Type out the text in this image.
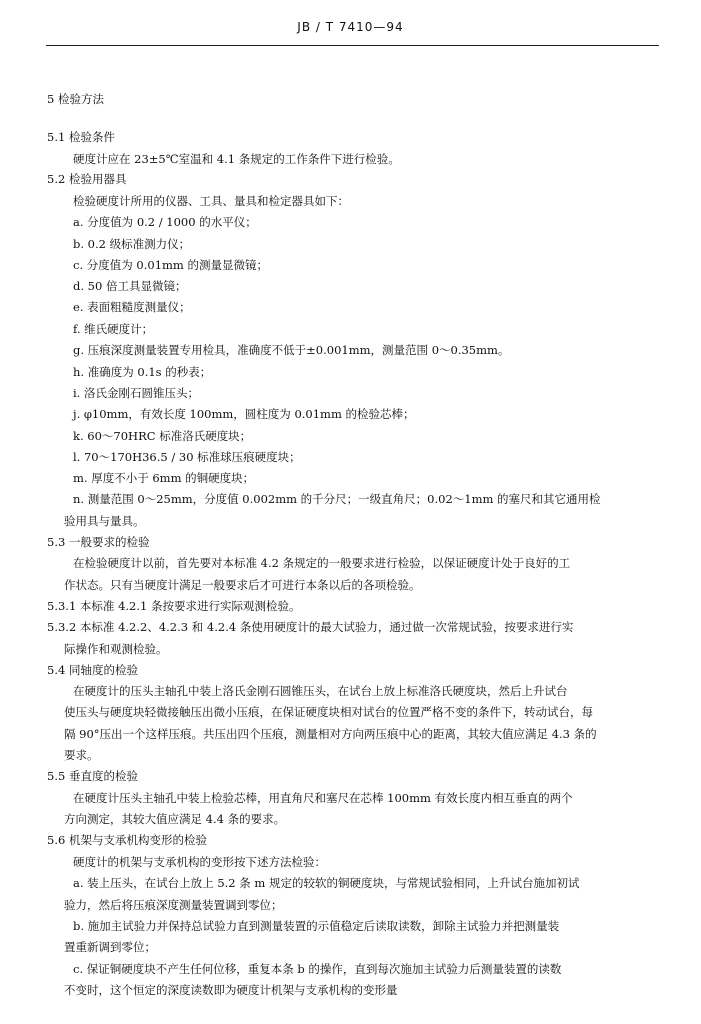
JB / T 7410—94
5 检验方法
5.1 检验条件
硬度计应在 23±5℃室温和 4.1 条规定的工作条件下进行检验。
5.2 检验用器具
检验硬度计所用的仪器、工具、量具和检定器具如下：
a. 分度值为 0.2 / 1000 的水平仪；
b. 0.2 级标准测力仪；
c. 分度值为 0.01mm 的测量显微镜；
d. 50 倍工具显微镜；
e. 表面粗糙度测量仪；
f. 维氏硬度计；
g. 压痕深度测量装置专用检具，准确度不低于±0.001mm，测量范围 0～0.35mm。
h. 准确度为 0.1s 的秒表；
i. 洛氏金刚石圆锥压头；
j. φ10mm，有效长度 100mm，圆柱度为 0.01mm 的检验芯棒；
k. 60～70HRC 标准洛氏硬度块；
l. 70～170H36.5 / 30 标准球压痕硬度块；
m. 厚度不小于 6mm 的铜硬度块；
n. 测量范围 0～25mm，分度值 0.002mm 的千分尺；一级直角尺；0.02～1mm 的塞尺和其它通用检
验用具与量具。
5.3 一般要求的检验
在检验硬度计以前，首先要对本标准 4.2 条规定的一般要求进行检验，以保证硬度计处于良好的工
作状态。只有当硬度计满足一般要求后才可进行本条以后的各项检验。
5.3.1 本标准 4.2.1 条按要求进行实际观测检验。
5.3.2 本标准 4.2.2、4.2.3 和 4.2.4 条使用硬度计的最大试验力，通过做一次常规试验，按要求进行实
际操作和观测检验。
5.4 同轴度的检验
在硬度计的压头主轴孔中装上洛氏金刚石圆锥压头，在试台上放上标准洛氏硬度块，然后上升试台
使压头与硬度块轻微接触压出微小压痕，在保证硬度块相对试台的位置严格不变的条件下，转动试台，每
隔 90°压出一个这样压痕。共压出四个压痕，测量相对方向两压痕中心的距离，其较大值应满足 4.3 条的
要求。
5.5 垂直度的检验
在硬度计压头主轴孔中装上检验芯棒，用直角尺和塞尺在芯棒 100mm 有效长度内相互垂直的两个
方向测定，其较大值应满足 4.4 条的要求。
5.6 机架与支承机构变形的检验
硬度计的机架与支承机构的变形按下述方法检验：
a. 装上压头，在试台上放上 5.2 条 m 规定的较软的铜硬度块，与常规试验相同，上升试台施加初试
验力，然后将压痕深度测量装置调到零位；
b. 施加主试验力并保持总试验力直到测量装置的示值稳定后读取读数，卸除主试验力并把测量装
置重新调到零位；
c. 保证铜硬度块不产生任何位移，重复本条 b 的操作，直到每次施加主试验力后测量装置的读数
不变时，这个恒定的深度读数即为硬度计机架与支承机构的变形量
